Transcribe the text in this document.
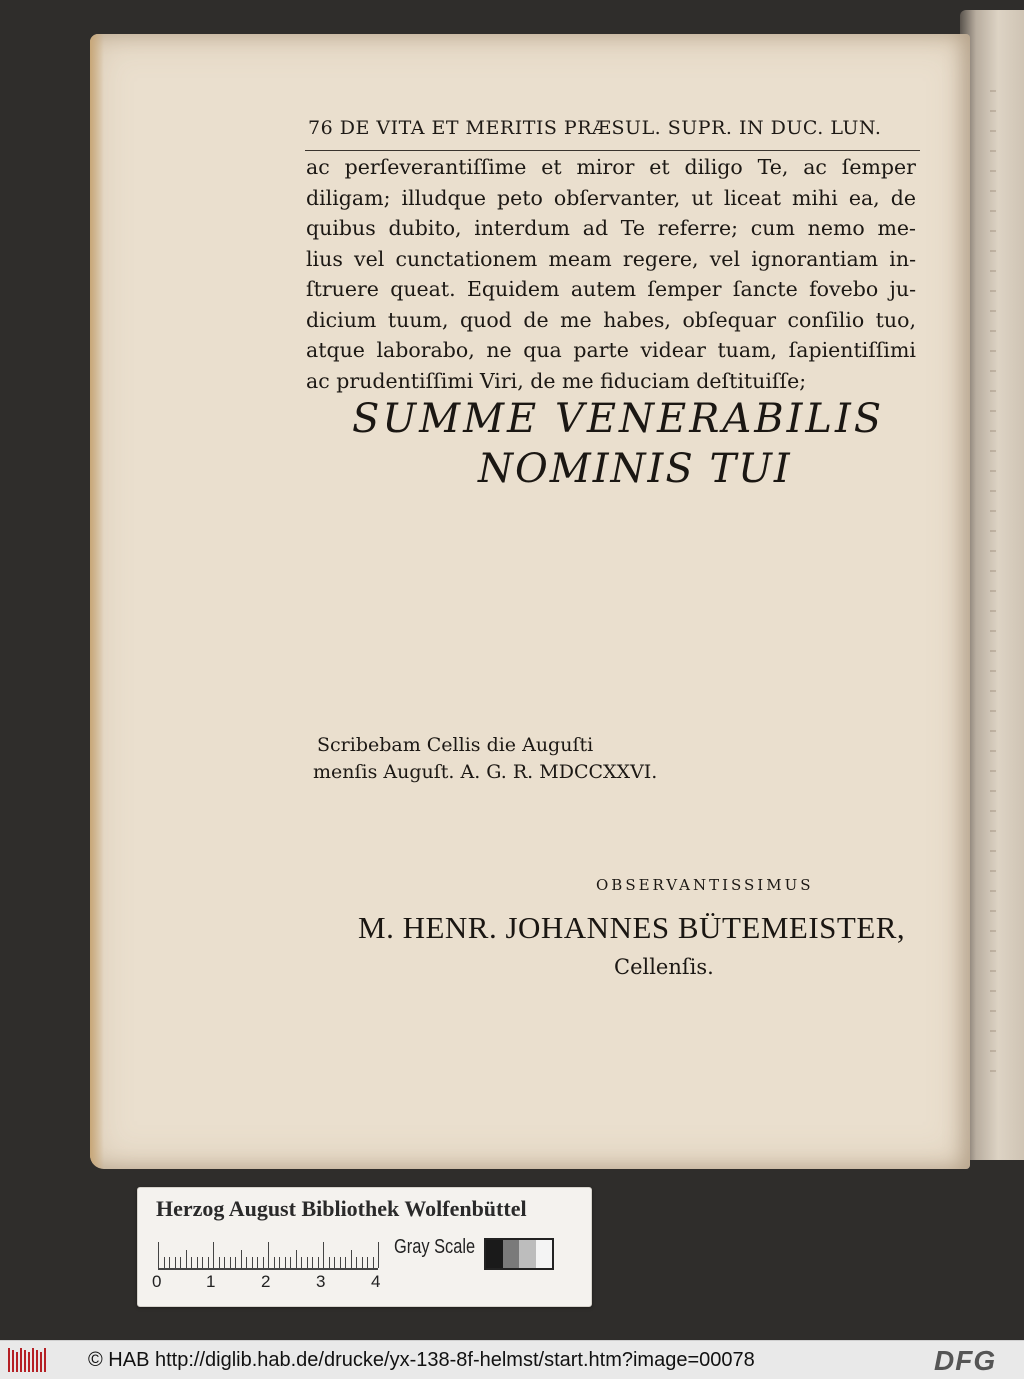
76 DE VITA ET MERITIS PRÆSUL. SUPR. IN DUC. LUN.
ac perſeverantiſſime et miror et diligo Te, ac ſemper
diligam; illudque peto obſervanter, ut liceat mihi ea, de
quibus dubito, interdum ad Te referre; cum nemo me-
lius vel cunctationem meam regere, vel ignorantiam in-
ſtruere queat. Equidem autem ſemper ſancte fovebo ju-
dicium tuum, quod de me habes, obſequar conſilio tuo,
atque laborabo, ne qua parte videar tuam, ſapientiſſimi
ac prudentiſſimi Viri, de me fiduciam deſtituiſſe;
SUMME VENERABILIS
NOMINIS TUI
Scribebam Cellis die Auguſti
menſis Auguſt. A. G. R. MDCCXXVI.
OBSERVANTISSIMUS
M. HENR. JOHANNES BÜTEMEISTER,
Cellenſis.
Herzog August Bibliothek Wolfenbüttel
0	1	2	3	4
Gray Scale
© HAB http://diglib.hab.de/drucke/yx-138-8f-helmst/start.htm?image=00078	DFG
